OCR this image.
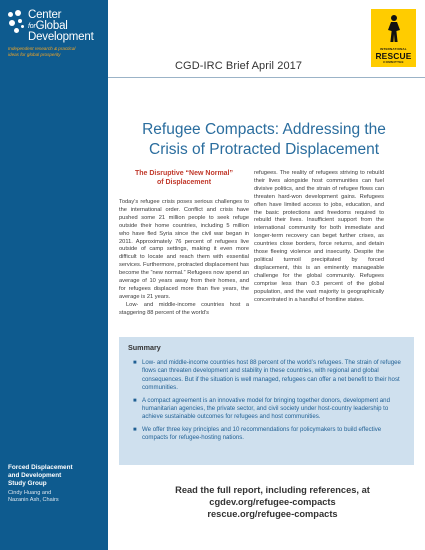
Center
forGlobal
Development
Independent research & practical
ideas for global prosperity
Forced Displacement
and Development
Study Group
Cindy Huang and
Nazanin Ash, Chairs
INTERNATIONAL
RESCUE
COMMITTEE
CGD-IRC Brief April 2017
Refugee Compacts: Addressing the
Crisis of Protracted Displacement
The Disruptive “New Normal”
of Displacement

Today’s refugee crisis poses serious challenges to the international order. Conflict and crisis have pushed some 21 million people to seek refuge outside their home countries, including 5 million who have fled Syria since the civil war began in 2011. Approximately 76 percent of refugees live outside of camp settings, making it even more difficult to locate and reach them with essential services. Furthermore, protracted displacement has become the “new normal.” Refugees now spend an average of 10 years away from their homes, and for refugees displaced more than five years, the average is 21 years.

Low- and middle-income countries host a staggering 88 percent of the world’s

refugees. The reality of refugees striving to rebuild their lives alongside host communities can fuel divisive politics, and the strain of refugee flows can threaten hard-won development gains. Refugees often have limited access to jobs, education, and the basic protections and freedoms required to rebuild their lives. Insufficient support from the international community for both immediate and longer-term recovery can beget further crises, as countries close borders, force returns, and detain those fleeing violence and insecurity. Despite the political turmoil precipitated by forced displacement, this is an eminently manageable challenge for the global community. Refugees comprise less than 0.3 percent of the global population, and the vast majority is geographically concentrated in a handful of frontline states.

Summary
■ Low- and middle-income countries host 88 percent of the world’s refugees. The strain of refugee flows can threaten development and stability in these countries, with regional and global consequences. But if the situation is well managed, refugees can offer a net benefit to their host communities.
■ A compact agreement is an innovative model for bringing together donors, development and humanitarian agencies, the private sector, and civil society under host-country leadership to achieve sustainable outcomes for refugees and host communities.
■ We offer three key principles and 10 recommendations for policymakers to build effective compacts for refugee-hosting nations.
Read the full report, including references, at
cgdev.org/refugee-compacts
rescue.org/refugee-compacts
